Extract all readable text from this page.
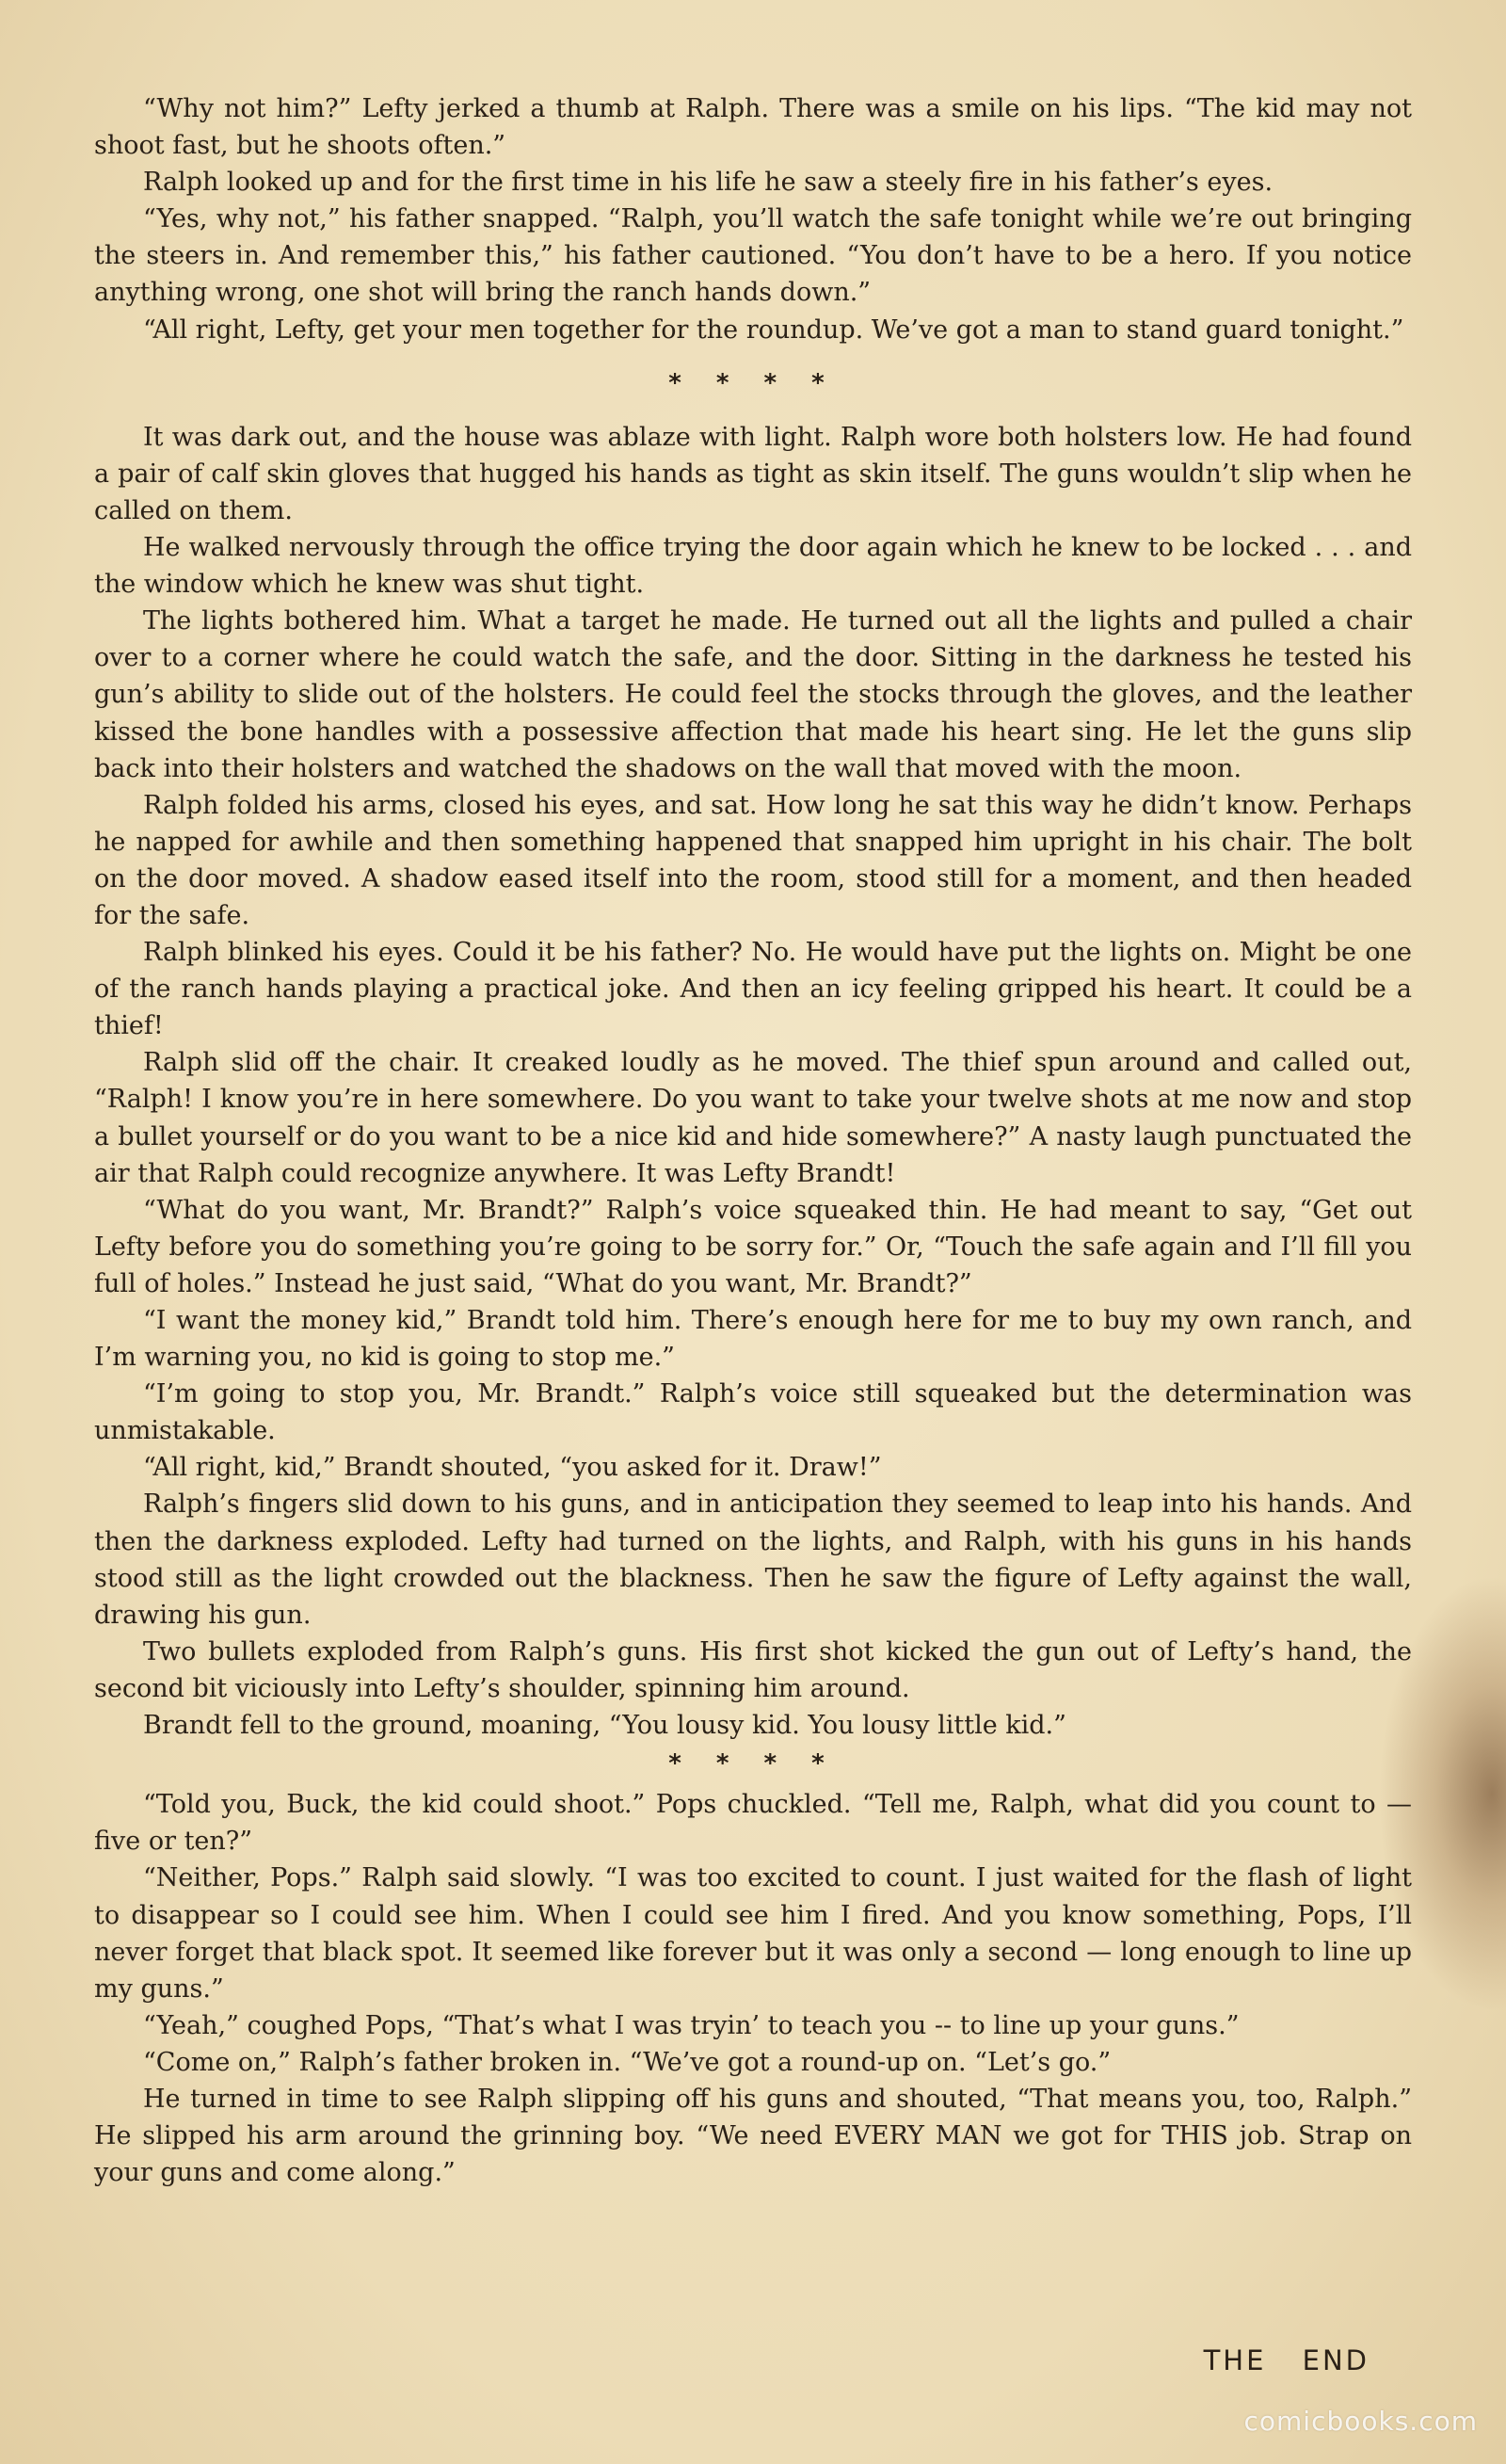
“Why not him?” Lefty jerked a thumb at Ralph. There was a smile on his lips. “The kid may not shoot fast, but he shoots often.”

Ralph looked up and for the first time in his life he saw a steely fire in his father’s eyes.

“Yes, why not,” his father snapped. “Ralph, you’ll watch the safe tonight while we’re out bringing the steers in. And remember this,” his father cautioned. “You don’t have to be a hero. If you notice anything wrong, one shot will bring the ranch hands down.”

“All right, Lefty, get your men together for the roundup. We’ve got a man to stand guard tonight.”

* * * *

It was dark out, and the house was ablaze with light. Ralph wore both holsters low. He had found a pair of calf skin gloves that hugged his hands as tight as skin itself. The guns wouldn’t slip when he called on them.

He walked nervously through the office trying the door again which he knew to be locked . . . and the window which he knew was shut tight.

The lights bothered him. What a target he made. He turned out all the lights and pulled a chair over to a corner where he could watch the safe, and the door. Sitting in the darkness he tested his gun’s ability to slide out of the holsters. He could feel the stocks through the gloves, and the leather kissed the bone handles with a possessive affection that made his heart sing. He let the guns slip back into their holsters and watched the shadows on the wall that moved with the moon.

Ralph folded his arms, closed his eyes, and sat. How long he sat this way he didn’t know. Perhaps he napped for awhile and then something happened that snapped him upright in his chair. The bolt on the door moved. A shadow eased itself into the room, stood still for a moment, and then headed for the safe.

Ralph blinked his eyes. Could it be his father? No. He would have put the lights on. Might be one of the ranch hands playing a practical joke. And then an icy feeling gripped his heart. It could be a thief!

Ralph slid off the chair. It creaked loudly as he moved. The thief spun around and called out, “Ralph! I know you’re in here somewhere. Do you want to take your twelve shots at me now and stop a bullet yourself or do you want to be a nice kid and hide somewhere?” A nasty laugh punctuated the air that Ralph could recognize anywhere. It was Lefty Brandt!

“What do you want, Mr. Brandt?” Ralph’s voice squeaked thin. He had meant to say, “Get out Lefty before you do something you’re going to be sorry for.” Or, “Touch the safe again and I’ll fill you full of holes.” Instead he just said, “What do you want, Mr. Brandt?”

“I want the money kid,” Brandt told him. There’s enough here for me to buy my own ranch, and I’m warning you, no kid is going to stop me.”

“I’m going to stop you, Mr. Brandt.” Ralph’s voice still squeaked but the determination was unmistakable.

“All right, kid,” Brandt shouted, “you asked for it. Draw!”

Ralph’s fingers slid down to his guns, and in anticipation they seemed to leap into his hands. And then the darkness exploded. Lefty had turned on the lights, and Ralph, with his guns in his hands stood still as the light crowded out the blackness. Then he saw the figure of Lefty against the wall, drawing his gun.

Two bullets exploded from Ralph’s guns. His first shot kicked the gun out of Lefty’s hand, the second bit viciously into Lefty’s shoulder, spinning him around.

Brandt fell to the ground, moaning, “You lousy kid. You lousy little kid.”

* * * *

“Told you, Buck, the kid could shoot.” Pops chuckled. “Tell me, Ralph, what did you count to — five or ten?”

“Neither, Pops.” Ralph said slowly. “I was too excited to count. I just waited for the flash of light to disappear so I could see him. When I could see him I fired. And you know something, Pops, I’ll never forget that black spot. It seemed like forever but it was only a second — long enough to line up my guns.”

“Yeah,” coughed Pops, “That’s what I was tryin’ to teach you -- to line up your guns.”

“Come on,” Ralph’s father broken in. “We’ve got a round-up on. “Let’s go.”

He turned in time to see Ralph slipping off his guns and shouted, “That means you, too, Ralph.” He slipped his arm around the grinning boy. “We need EVERY MAN we got for THIS job. Strap on your guns and come along.”

THE END
comicbooks.com
